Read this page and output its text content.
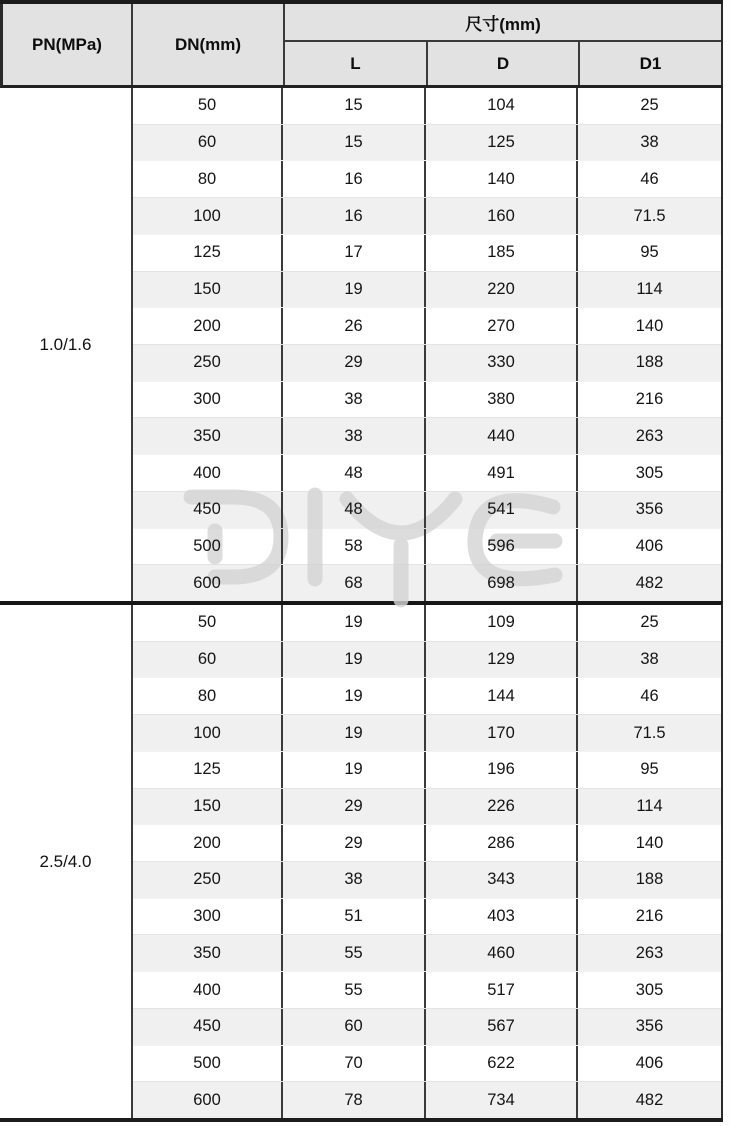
PN(MPa)	DN(mm)
尺寸(mm)
L	D	D1
1.0/1.6
50	15	104	25
60	15	125	38
80	16	140	46
100	16	160	71.5
125	17	185	95
150	19	220	114
200	26	270	140
250	29	330	188
300	38	380	216
350	38	440	263
400	48	491	305
450	48	541	356
500	58	596	406
600	68	698	482
2.5/4.0
50	19	109	25
60	19	129	38
80	19	144	46
100	19	170	71.5
125	19	196	95
150	29	226	114
200	29	286	140
250	38	343	188
300	51	403	216
350	55	460	263
400	55	517	305
450	60	567	356
500	70	622	406
600	78	734	482
